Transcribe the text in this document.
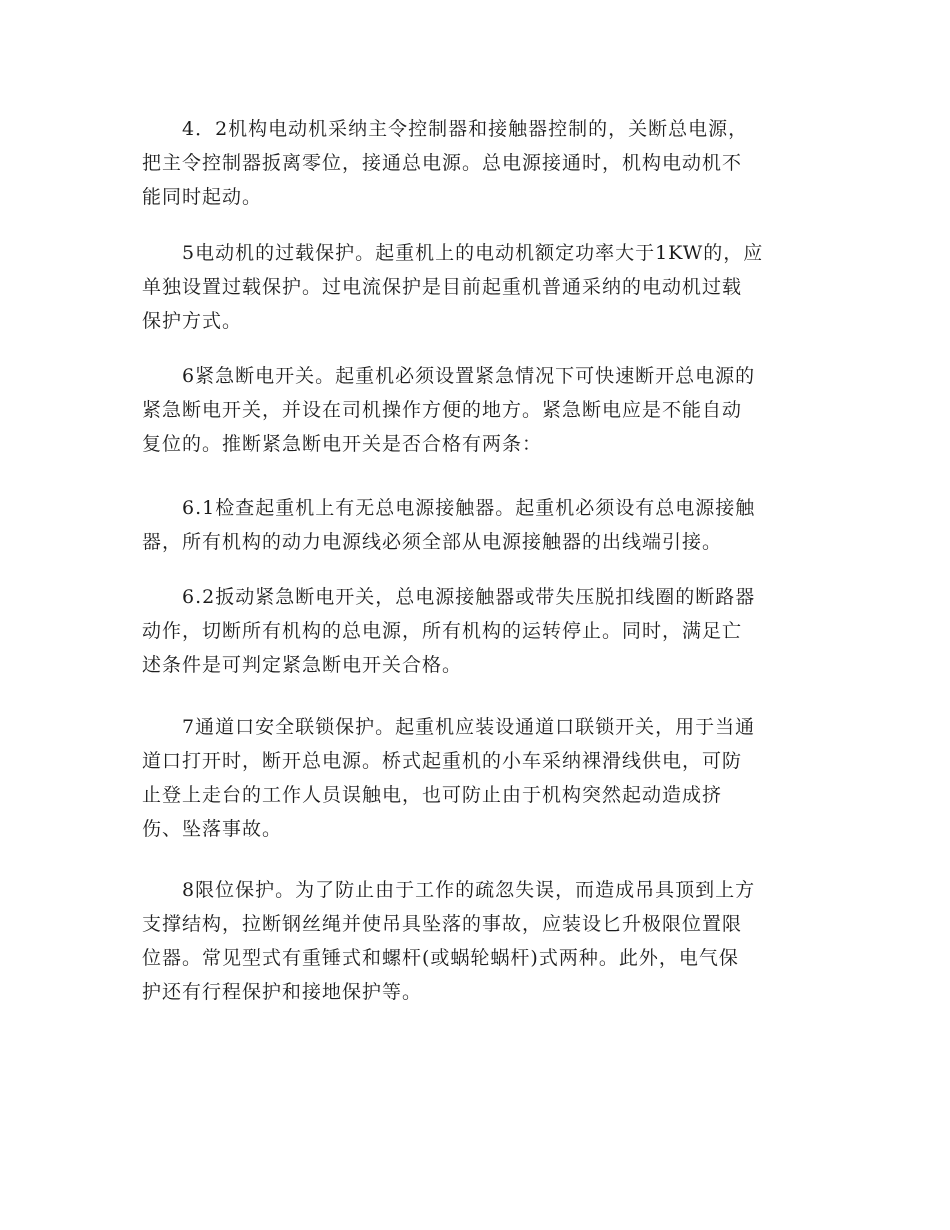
4．2机构电动机采纳主令控制器和接触器控制的，关断总电源，
把主令控制器扳离零位，接通总电源。总电源接通时，机构电动机不
能同时起动。

5电动机的过载保护。起重机上的电动机额定功率大于1KW的，应
单独设置过载保护。过电流保护是目前起重机普通采纳的电动机过载
保护方式。

6紧急断电开关。起重机必须设置紧急情况下可快速断开总电源的
紧急断电开关，并设在司机操作方便的地方。紧急断电应是不能自动
复位的。推断紧急断电开关是否合格有两条：

6.1检查起重机上有无总电源接触器。起重机必须设有总电源接触
器，所有机构的动力电源线必须全部从电源接触器的出线端引接。

6.2扳动紧急断电开关，总电源接触器或带失压脱扣线圈的断路器
动作，切断所有机构的总电源，所有机构的运转停止。同时，满足亡
述条件是可判定紧急断电开关合格。

7通道口安全联锁保护。起重机应装设通道口联锁开关，用于当通
道口打开时，断开总电源。桥式起重机的小车采纳裸滑线供电，可防
止登上走台的工作人员误触电，也可防止由于机构突然起动造成挤
伤、坠落事故。

8限位保护。为了防止由于工作的疏忽失误，而造成吊具顶到上方
支撑结构，拉断钢丝绳并使吊具坠落的事故，应装设匕升极限位置限
位器。常见型式有重锤式和螺杆(或蜗轮蜗杆)式两种。此外，电气保
护还有行程保护和接地保护等。
